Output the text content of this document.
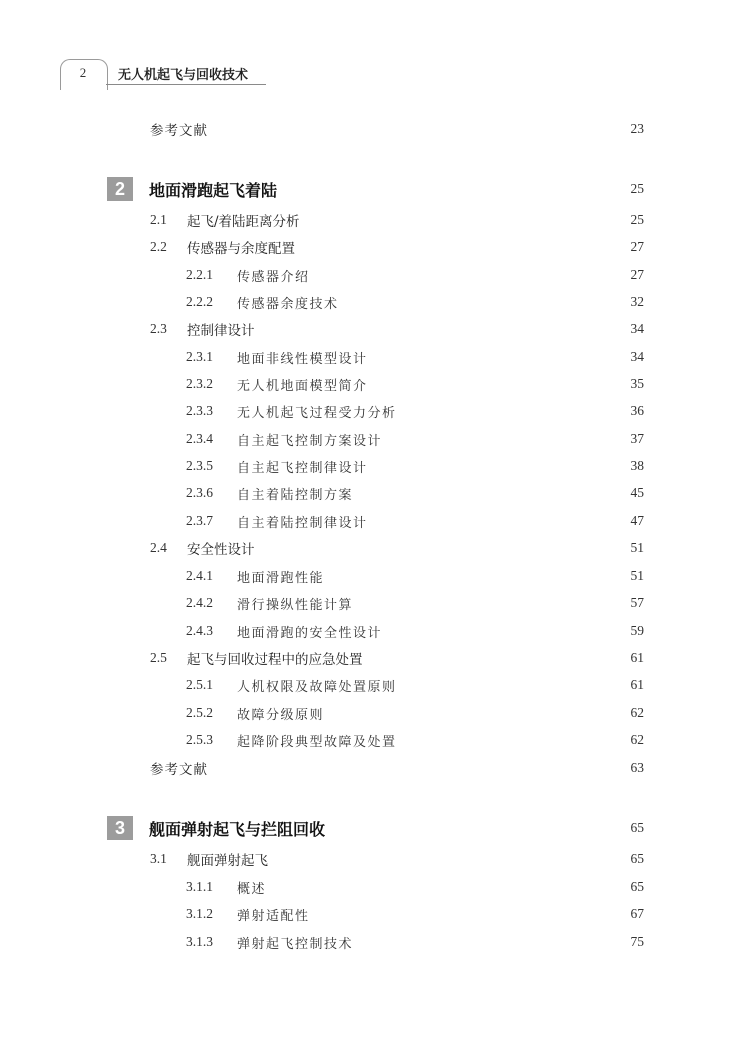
2	无人机起飞与回收技术
参考文献	23
2	地面滑跑起飞着陆	25
2.1	起飞/着陆距离分析	25
2.2	传感器与余度配置	27
2.2.1	传感器介绍	27
2.2.2	传感器余度技术	32
2.3	控制律设计	34
2.3.1	地面非线性模型设计	34
2.3.2	无人机地面模型简介	35
2.3.3	无人机起飞过程受力分析	36
2.3.4	自主起飞控制方案设计	37
2.3.5	自主起飞控制律设计	38
2.3.6	自主着陆控制方案	45
2.3.7	自主着陆控制律设计	47
2.4	安全性设计	51
2.4.1	地面滑跑性能	51
2.4.2	滑行操纵性能计算	57
2.4.3	地面滑跑的安全性设计	59
2.5	起飞与回收过程中的应急处置	61
2.5.1	人机权限及故障处置原则	61
2.5.2	故障分级原则	62
2.5.3	起降阶段典型故障及处置	62
参考文献	63
3	舰面弹射起飞与拦阻回收	65
3.1	舰面弹射起飞	65
3.1.1	概述	65
3.1.2	弹射适配性	67
3.1.3	弹射起飞控制技术	75
